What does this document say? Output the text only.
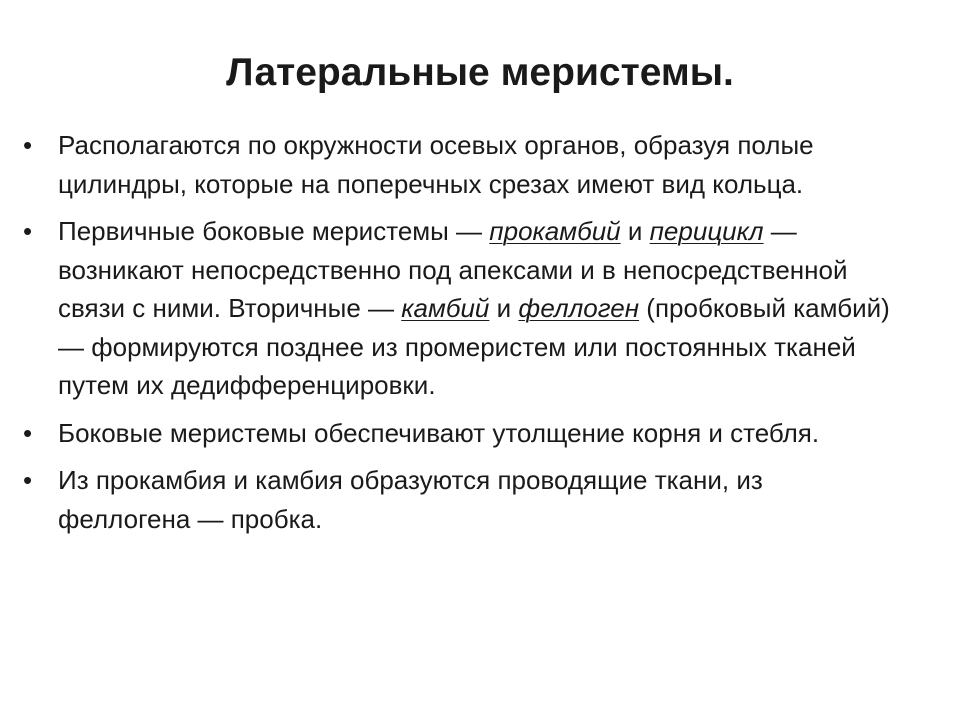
Латеральные меристемы.
• Располагаются по окружности осевых органов, образуя полые цилиндры, которые на поперечных срезах имеют вид кольца.
• Первичные боковые меристемы — прокамбий и перицикл — возникают непосредственно под апексами и в непосредственной связи с ними. Вторичные — камбий и феллоген (пробковый камбий) — формируются позднее из промеристем или постоянных тканей путем их дедифференцировки.
• Боковые меристемы обеспечивают утолщение корня и стебля.
• Из прокамбия и камбия образуются проводящие ткани, из феллогена — пробка.
